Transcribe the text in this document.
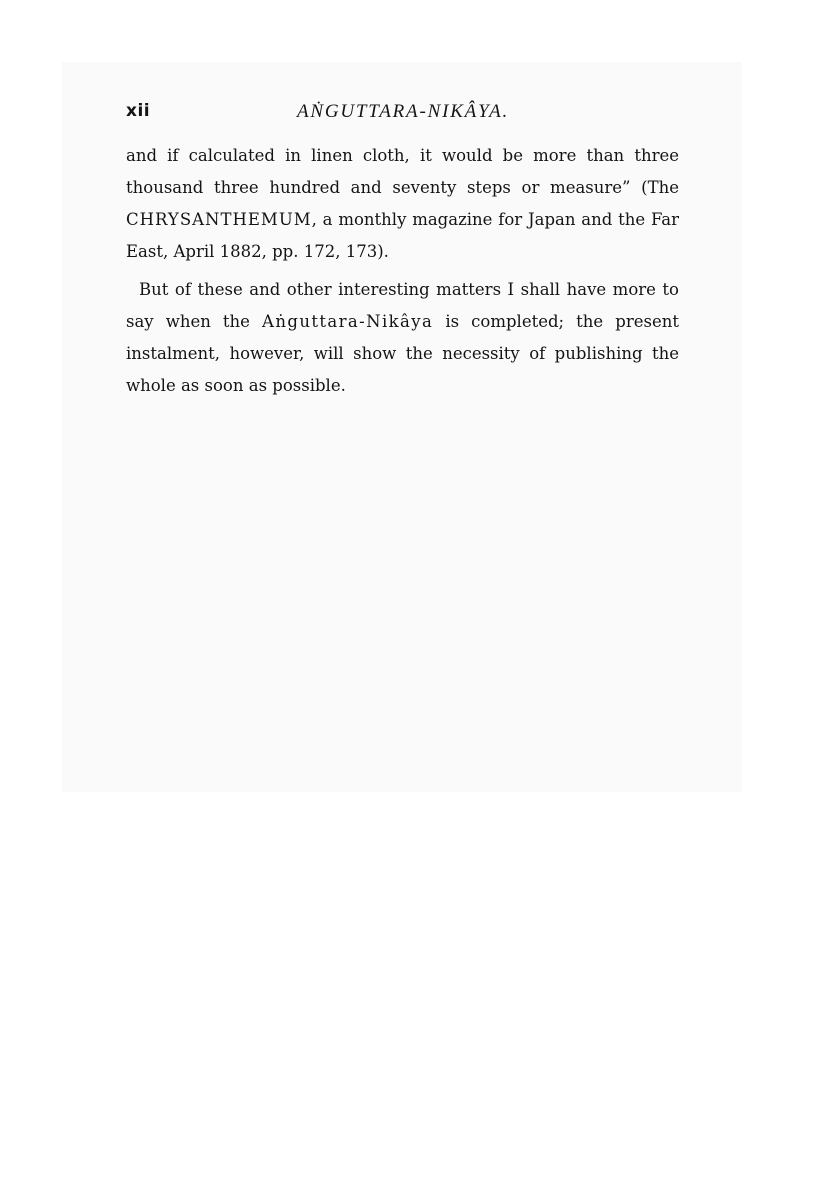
xii	AṄGUTTARA-NIKÂYA.

and if calculated in linen cloth, it would be more than three thousand three hundred and seventy steps or measure” (The CHRYSANTHEMUM, a monthly magazine for Japan and the Far East, April 1882, pp. 172, 173).

But of these and other interesting matters I shall have more to say when the Aṅguttara-Nikâya is completed; the present instalment, however, will show the necessity of publishing the whole as soon as possible.
